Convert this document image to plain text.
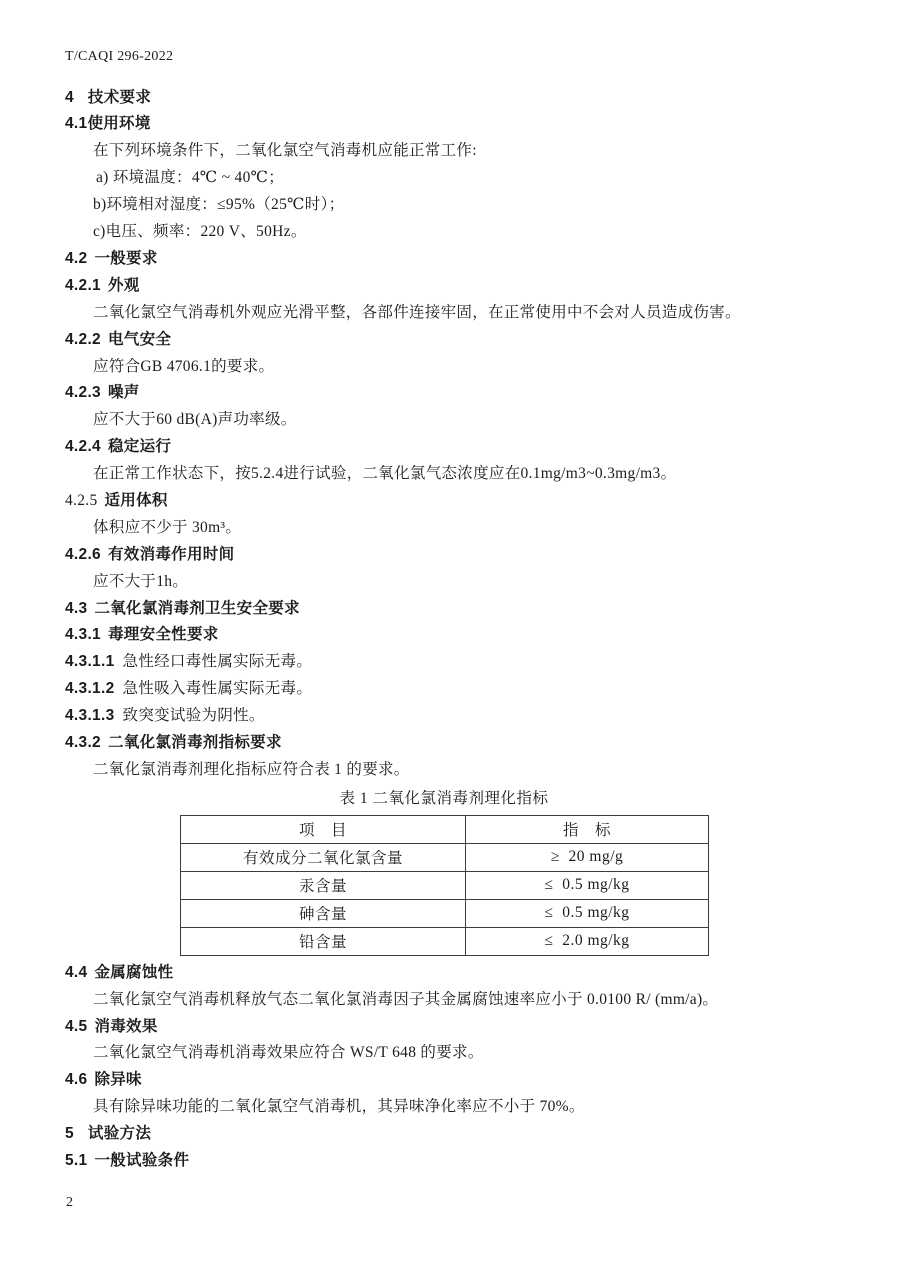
T/CAQI 296-2022
4 技术要求
4.1使用环境
在下列环境条件下，二氧化氯空气消毒机应能正常工作:
a) 环境温度：4℃ ~ 40℃；
b)环境相对湿度：≤95%（25℃时）；
c)电压、频率：220 V、50Hz。
4.2 一般要求
4.2.1 外观
二氧化氯空气消毒机外观应光滑平整，各部件连接牢固，在正常使用中不会对人员造成伤害。
4.2.2 电气安全
应符合GB 4706.1的要求。
4.2.3 噪声
应不大于60 dB(A)声功率级。
4.2.4 稳定运行
在正常工作状态下，按5.2.4进行试验，二氧化氯气态浓度应在0.1mg/m3~0.3mg/m3。
4.2.5 适用体积
体积应不少于 30m³。
4.2.6 有效消毒作用时间
应不大于1h。
4.3 二氧化氯消毒剂卫生安全要求
4.3.1 毒理安全性要求
4.3.1.1 急性经口毒性属实际无毒。
4.3.1.2 急性吸入毒性属实际无毒。
4.3.1.3 致突变试验为阴性。
4.3.2 二氧化氯消毒剂指标要求
二氧化氯消毒剂理化指标应符合表 1 的要求。
表 1 二氧化氯消毒剂理化指标
项　目	指　标
有效成分二氧化氯含量	≥  20 mg/g
汞含量	≤  0.5 mg/kg
砷含量	≤  0.5 mg/kg
铅含量	≤  2.0 mg/kg
4.4 金属腐蚀性
二氧化氯空气消毒机释放气态二氧化氯消毒因子其金属腐蚀速率应小于 0.0100 R/ (mm/a)。
4.5 消毒效果
二氧化氯空气消毒机消毒效果应符合 WS/T 648 的要求。
4.6 除异味
具有除异味功能的二氧化氯空气消毒机，其异味净化率应不小于 70%。
5 试验方法
5.1 一般试验条件
2
